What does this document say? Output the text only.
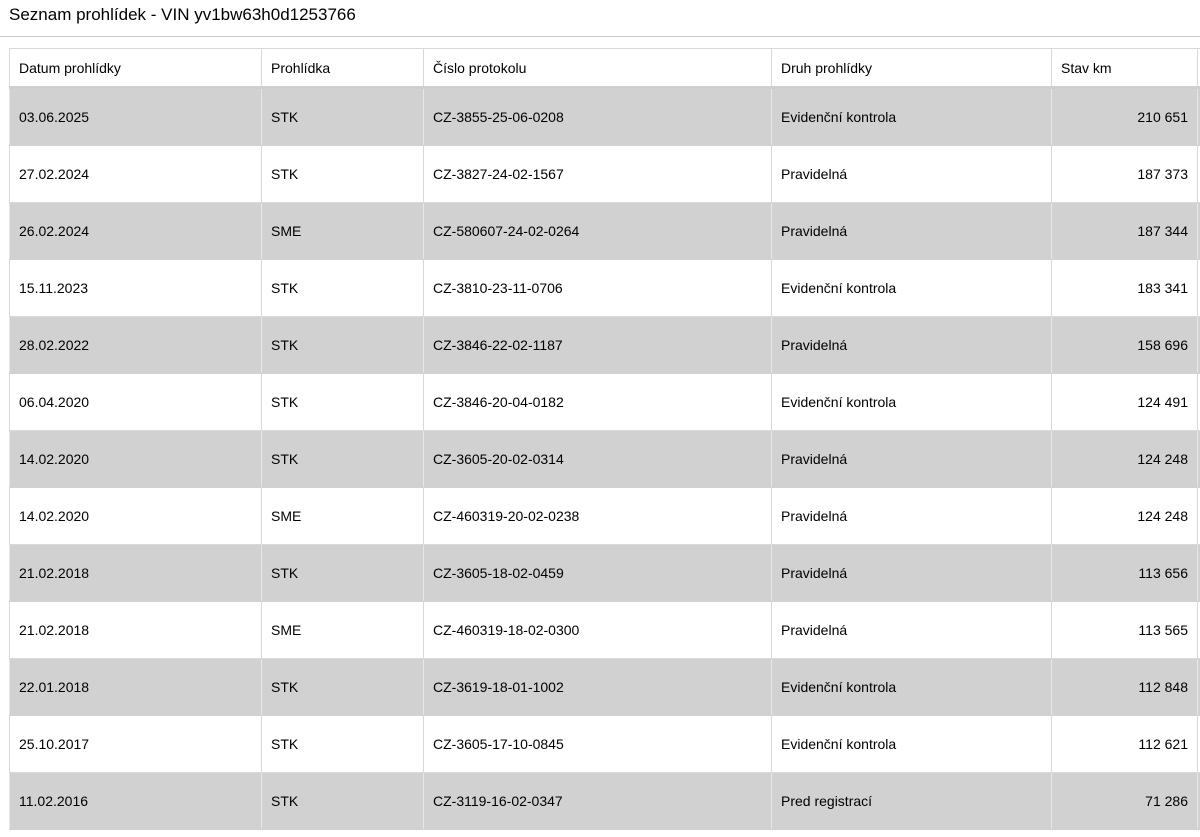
Seznam prohlídek - VIN yv1bw63h0d1253766
Datum prohlídky	Prohlídka	Číslo protokolu	Druh prohlídky	Stav km	
03.06.2025	STK	CZ-3855-25-06-0208	Evidenční kontrola	210 651	
27.02.2024	STK	CZ-3827-24-02-1567	Pravidelná	187 373	
26.02.2024	SME	CZ-580607-24-02-0264	Pravidelná	187 344	
15.11.2023	STK	CZ-3810-23-11-0706	Evidenční kontrola	183 341	
28.02.2022	STK	CZ-3846-22-02-1187	Pravidelná	158 696	
06.04.2020	STK	CZ-3846-20-04-0182	Evidenční kontrola	124 491	
14.02.2020	STK	CZ-3605-20-02-0314	Pravidelná	124 248	
14.02.2020	SME	CZ-460319-20-02-0238	Pravidelná	124 248	
21.02.2018	STK	CZ-3605-18-02-0459	Pravidelná	113 656	
21.02.2018	SME	CZ-460319-18-02-0300	Pravidelná	113 565	
22.01.2018	STK	CZ-3619-18-01-1002	Evidenční kontrola	112 848	
25.10.2017	STK	CZ-3605-17-10-0845	Evidenční kontrola	112 621	
11.02.2016	STK	CZ-3119-16-02-0347	Pred registrací	71 286	
